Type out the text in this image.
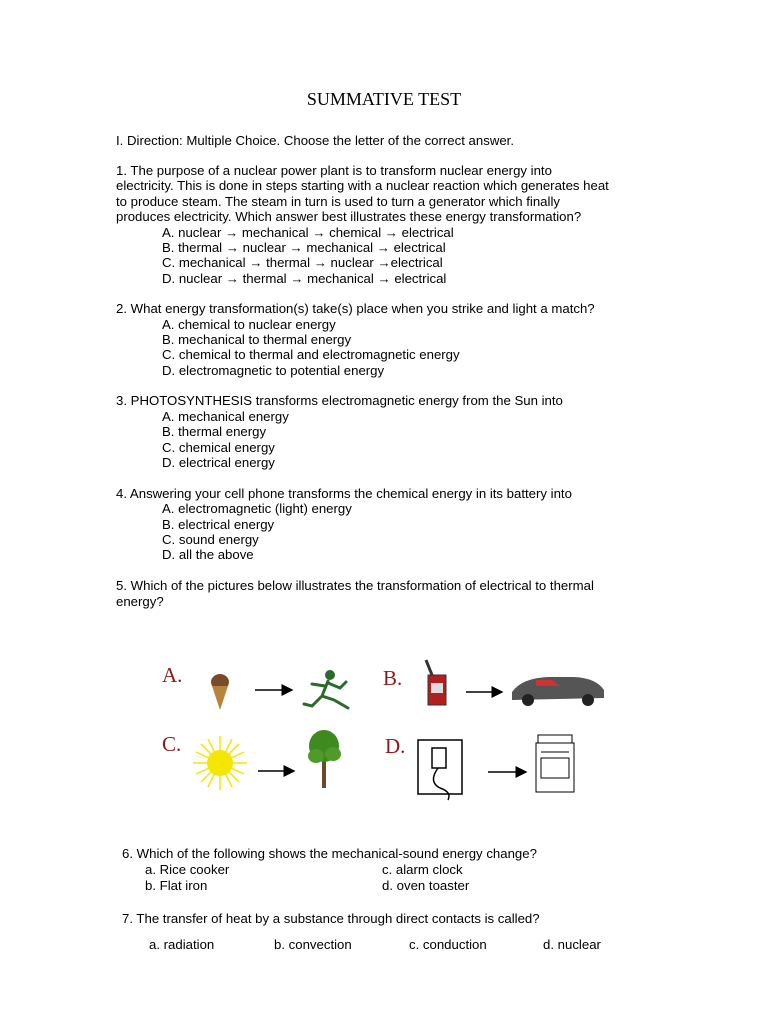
SUMMATIVE TEST
I. Direction: Multiple Choice. Choose the letter of the correct answer.
1. The purpose of a nuclear power plant is to transform nuclear energy into
electricity. This is done in steps starting with a nuclear reaction which generates heat
to produce steam. The steam in turn is used to turn a generator which finally
produces electricity. Which answer best illustrates these energy transformation?
A. nuclear → mechanical → chemical → electrical
B. thermal → nuclear → mechanical → electrical
C. mechanical → thermal → nuclear →electrical
D. nuclear → thermal → mechanical → electrical
2. What energy transformation(s) take(s) place when you strike and light a match?
A. chemical to nuclear energy
B. mechanical to thermal energy
C. chemical to thermal and electromagnetic energy
D. electromagnetic to potential energy
3. PHOTOSYNTHESIS transforms electromagnetic energy from the Sun into
A. mechanical energy
B. thermal energy
C. chemical energy
D. electrical energy
4. Answering your cell phone transforms the chemical energy in its battery into
A. electromagnetic (light) energy
B. electrical energy
C. sound energy
D. all the above
5. Which of the pictures below illustrates the transformation of electrical to thermal
energy?
A.	B.
C.	D.
6. Which of the following shows the mechanical-sound energy change?
a. Rice cooker	c. alarm clock
b. Flat iron	d. oven toaster
7. The transfer of heat by a substance through direct contacts is called?
a. radiation	b. convection	c. conduction	d. nuclear
